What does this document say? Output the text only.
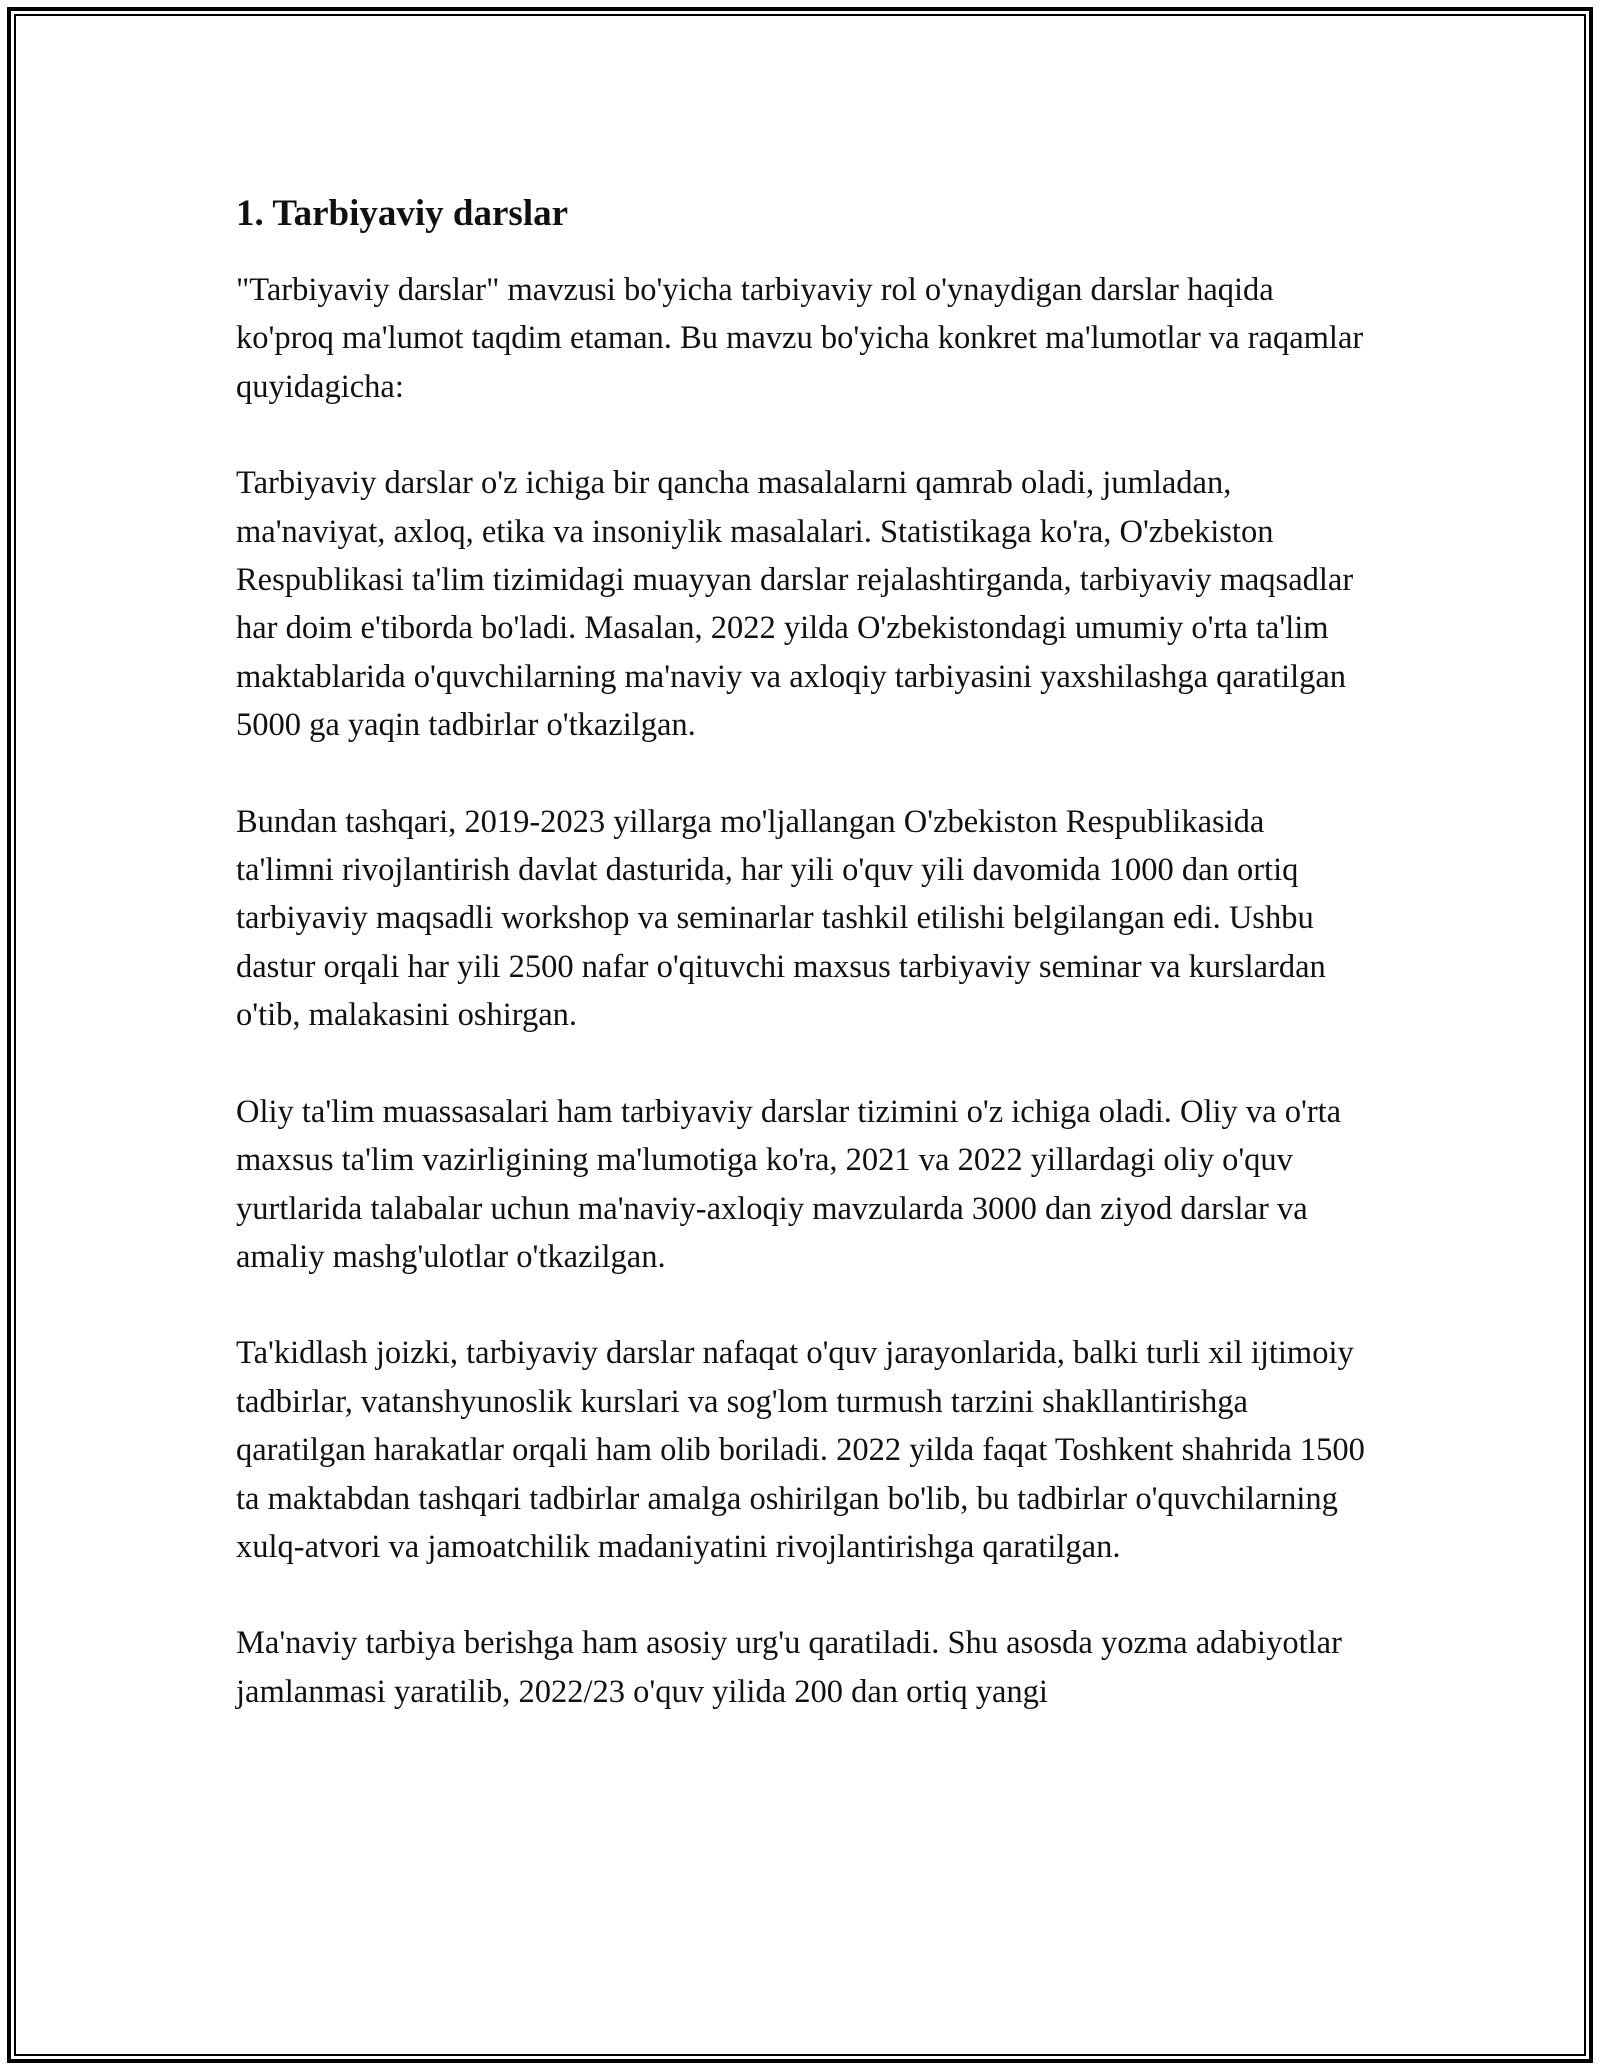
1. Tarbiyaviy darslar

"Tarbiyaviy darslar" mavzusi bo'yicha tarbiyaviy rol o'ynaydigan darslar haqida ko'proq ma'lumot taqdim etaman. Bu mavzu bo'yicha konkret ma'lumotlar va raqamlar quyidagicha:

Tarbiyaviy darslar o'z ichiga bir qancha masalalarni qamrab oladi, jumladan, ma'naviyat, axloq, etika va insoniylik masalalari. Statistikaga ko'ra, O'zbekiston Respublikasi ta'lim tizimidagi muayyan darslar rejalashtirganda, tarbiyaviy maqsadlar har doim e'tiborda bo'ladi. Masalan, 2022 yilda O'zbekistondagi umumiy o'rta ta'lim maktablarida o'quvchilarning ma'naviy va axloqiy tarbiyasini yaxshilashga qaratilgan 5000 ga yaqin tadbirlar o'tkazilgan.

Bundan tashqari, 2019-2023 yillarga mo'ljallangan O'zbekiston Respublikasida ta'limni rivojlantirish davlat dasturida, har yili o'quv yili davomida 1000 dan ortiq tarbiyaviy maqsadli workshop va seminarlar tashkil etilishi belgilangan edi. Ushbu dastur orqali har yili 2500 nafar o'qituvchi maxsus tarbiyaviy seminar va kurslardan o'tib, malakasini oshirgan.

Oliy ta'lim muassasalari ham tarbiyaviy darslar tizimini o'z ichiga oladi. Oliy va o'rta maxsus ta'lim vazirligining ma'lumotiga ko'ra, 2021 va 2022 yillardagi oliy o'quv yurtlarida talabalar uchun ma'naviy-axloqiy mavzularda 3000 dan ziyod darslar va amaliy mashg'ulotlar o'tkazilgan.

Ta'kidlash joizki, tarbiyaviy darslar nafaqat o'quv jarayonlarida, balki turli xil ijtimoiy tadbirlar, vatanshyunoslik kurslari va sog'lom turmush tarzini shakllantirishga qaratilgan harakatlar orqali ham olib boriladi. 2022 yilda faqat Toshkent shahrida 1500 ta maktabdan tashqari tadbirlar amalga oshirilgan bo'lib, bu tadbirlar o'quvchilarning xulq-atvori va jamoatchilik madaniyatini rivojlantirishga qaratilgan.

Ma'naviy tarbiya berishga ham asosiy urg'u qaratiladi. Shu asosda yozma adabiyotlar jamlanmasi yaratilib, 2022/23 o'quv yilida 200 dan ortiq yangi
